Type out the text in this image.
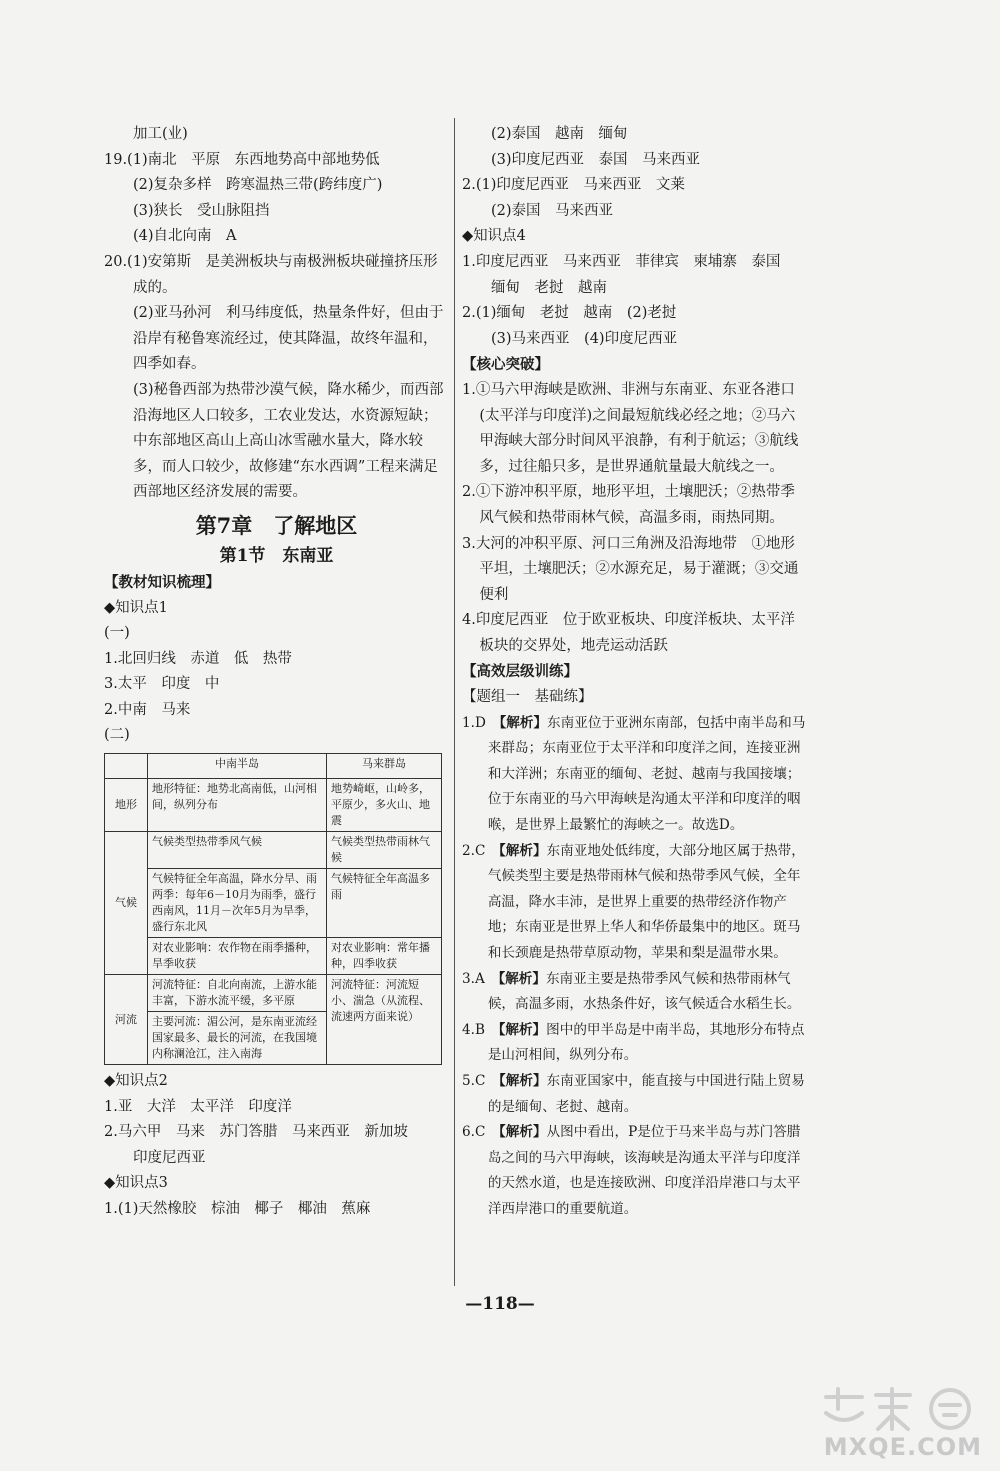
加工(业)
19.(1)南北　平原　东西地势高中部地势低
(2)复杂多样　跨寒温热三带(跨纬度广)
(3)狭长　受山脉阻挡
(4)自北向南　A
20.(1)安第斯　是美洲板块与南极洲板块碰撞挤压形成的。
(2)亚马孙河　利马纬度低，热量条件好，但由于沿岸有秘鲁寒流经过，使其降温，故终年温和，四季如春。
(3)秘鲁西部为热带沙漠气候，降水稀少，而西部沿海地区人口较多，工农业发达，水资源短缺；中东部地区高山上高山冰雪融水量大，降水较多，而人口较少，故修建“东水西调”工程来满足西部地区经济发展的需要。
第7章　了解地区
第1节　东南亚
【教材知识梳理】
◆知识点1
(一)
1.北回归线　赤道　低　热带
3.太平　印度　中
2.中南　马来
(二)
	中南半岛	马来群岛
地形	地形特征：地势北高南低，山河相间，纵列分布	地势崎岖，山岭多，平原少，多火山、地震
气候	气候类型热带季风气候	气候类型热带雨林气候
	气候特征全年高温，降水分旱、雨两季：每年6－10月为雨季，盛行西南风，11月－次年5月为旱季，盛行东北风	气候特征全年高温多雨
	对农业影响：农作物在雨季播种，旱季收获	对农业影响：常年播种，四季收获
河流	河流特征：自北向南流，上游水能丰富，下游水流平缓，多平原	河流特征：河流短小、湍急（从流程、流速两方面来说）
	主要河流：湄公河，是东南亚流经国家最多、最长的河流，在我国境内称澜沧江，注入南海	
◆知识点2
1.亚　大洋　太平洋　印度洋
2.马六甲　马来　苏门答腊　马来西亚　新加坡
印度尼西亚
◆知识点3
1.(1)天然橡胶　棕油　椰子　椰油　蕉麻
(2)泰国　越南　缅甸
(3)印度尼西亚　泰国　马来西亚
2.(1)印度尼西亚　马来西亚　文莱
(2)泰国　马来西亚
◆知识点4
1.印度尼西亚　马来西亚　菲律宾　柬埔寨　泰国
缅甸　老挝　越南
2.(1)缅甸　老挝　越南　(2)老挝
(3)马来西亚　(4)印度尼西亚
【核心突破】
1.①马六甲海峡是欧洲、非洲与东南亚、东亚各港口(太平洋与印度洋)之间最短航线必经之地；②马六甲海峡大部分时间风平浪静，有利于航运；③航线多，过往船只多，是世界通航量最大航线之一。
2.①下游冲积平原，地形平坦，土壤肥沃；②热带季风气候和热带雨林气候，高温多雨，雨热同期。
3.大河的冲积平原、河口三角洲及沿海地带　①地形平坦，土壤肥沃；②水源充足，易于灌溉；③交通便利
4.印度尼西亚　位于欧亚板块、印度洋板块、太平洋板块的交界处，地壳运动活跃
【高效层级训练】
【题组一　基础练】
1.D　 【解析】东南亚位于亚洲东南部，包括中南半岛和马来群岛；东南亚位于太平洋和印度洋之间，连接亚洲和大洋洲；东南亚的缅甸、老挝、越南与我国接壤；位于东南亚的马六甲海峡是沟通太平洋和印度洋的咽喉，是世界上最繁忙的海峡之一。故选D。
2.C　 【解析】东南亚地处低纬度，大部分地区属于热带，气候类型主要是热带雨林气候和热带季风气候，全年高温，降水丰沛，是世界上重要的热带经济作物产地；东南亚是世界上华人和华侨最集中的地区。斑马和长颈鹿是热带草原动物，苹果和梨是温带水果。
3.A　 【解析】东南亚主要是热带季风气候和热带雨林气候，高温多雨，水热条件好，该气候适合水稻生长。
4.B　 【解析】图中的甲半岛是中南半岛，其地形分布特点是山河相间，纵列分布。
5.C　 【解析】东南亚国家中，能直接与中国进行陆上贸易的是缅甸、老挝、越南。
6.C　 【解析】从图中看出，P是位于马来半岛与苏门答腊岛之间的马六甲海峡，该海峡是沟通太平洋与印度洋的天然水道，也是连接欧洲、印度洋沿岸港口与太平洋西岸港口的重要航道。
—118—
MXQE.COM
